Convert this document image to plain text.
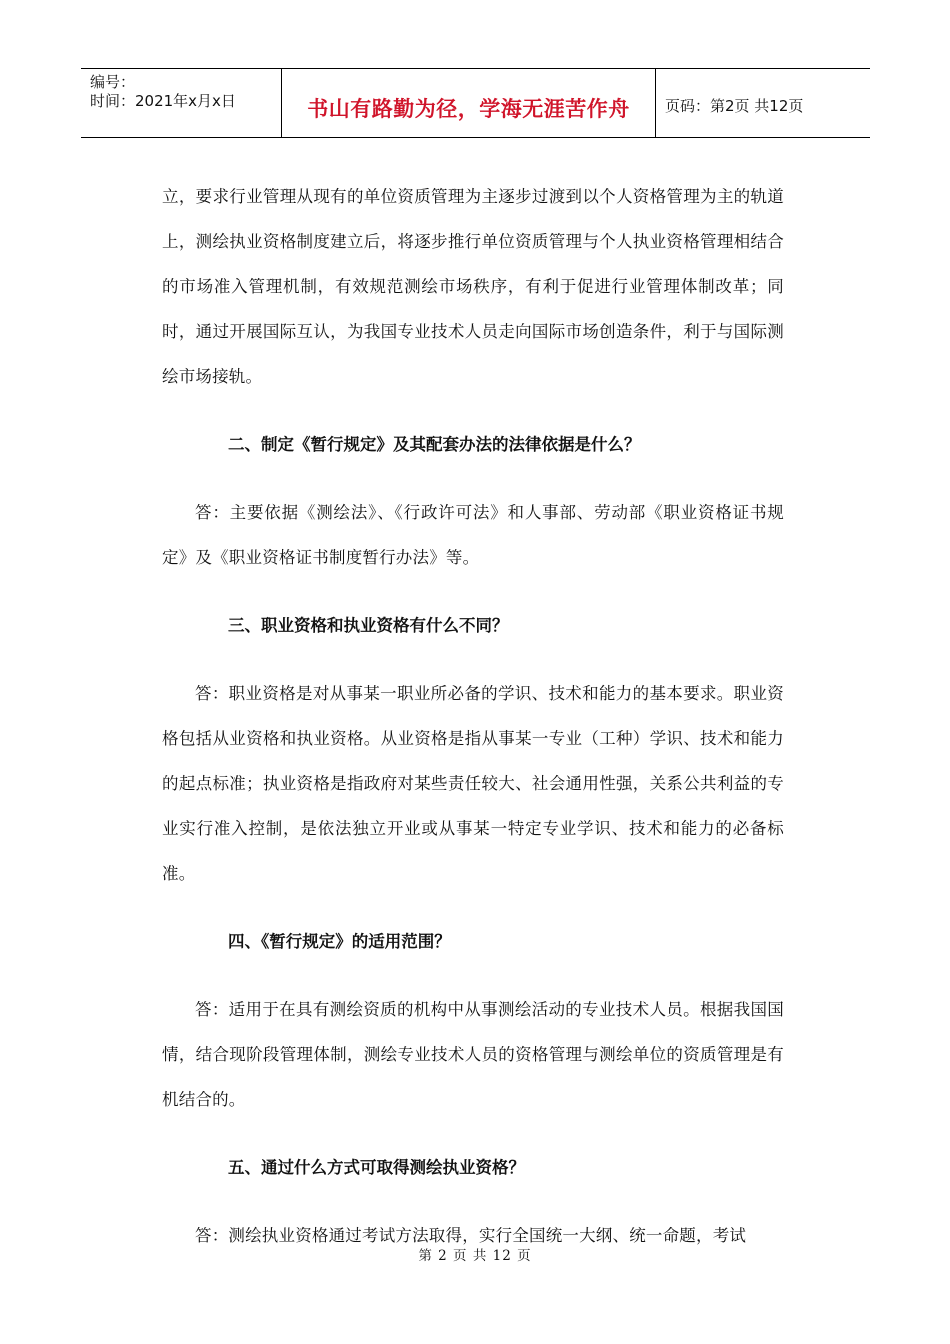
编号：
时间：2021年x月x日	书山有路勤为径，学海无涯苦作舟	页码：第2页 共12页

立，要求行业管理从现有的单位资质管理为主逐步过渡到以个人资格管理为主的轨道上，测绘执业资格制度建立后，将逐步推行单位资质管理与个人执业资格管理相结合的市场准入管理机制，有效规范测绘市场秩序，有利于促进行业管理体制改革；同时，通过开展国际互认，为我国专业技术人员走向国际市场创造条件，利于与国际测绘市场接轨。

二、制定《暂行规定》及其配套办法的法律依据是什么？

答：主要依据《测绘法》、《行政许可法》和人事部、劳动部《职业资格证书规定》及《职业资格证书制度暂行办法》等。

三、职业资格和执业资格有什么不同？

答：职业资格是对从事某一职业所必备的学识、技术和能力的基本要求。职业资格包括从业资格和执业资格。从业资格是指从事某一专业（工种）学识、技术和能力的起点标准；执业资格是指政府对某些责任较大、社会通用性强，关系公共利益的专业实行准入控制，是依法独立开业或从事某一特定专业学识、技术和能力的必备标准。

四、《暂行规定》的适用范围？

答：适用于在具有测绘资质的机构中从事测绘活动的专业技术人员。根据我国国情，结合现阶段管理体制，测绘专业技术人员的资格管理与测绘单位的资质管理是有机结合的。

五、通过什么方式可取得测绘执业资格？

答：测绘执业资格通过考试方法取得，实行全国统一大纲、统一命题，考试

第 2 页 共 12 页
